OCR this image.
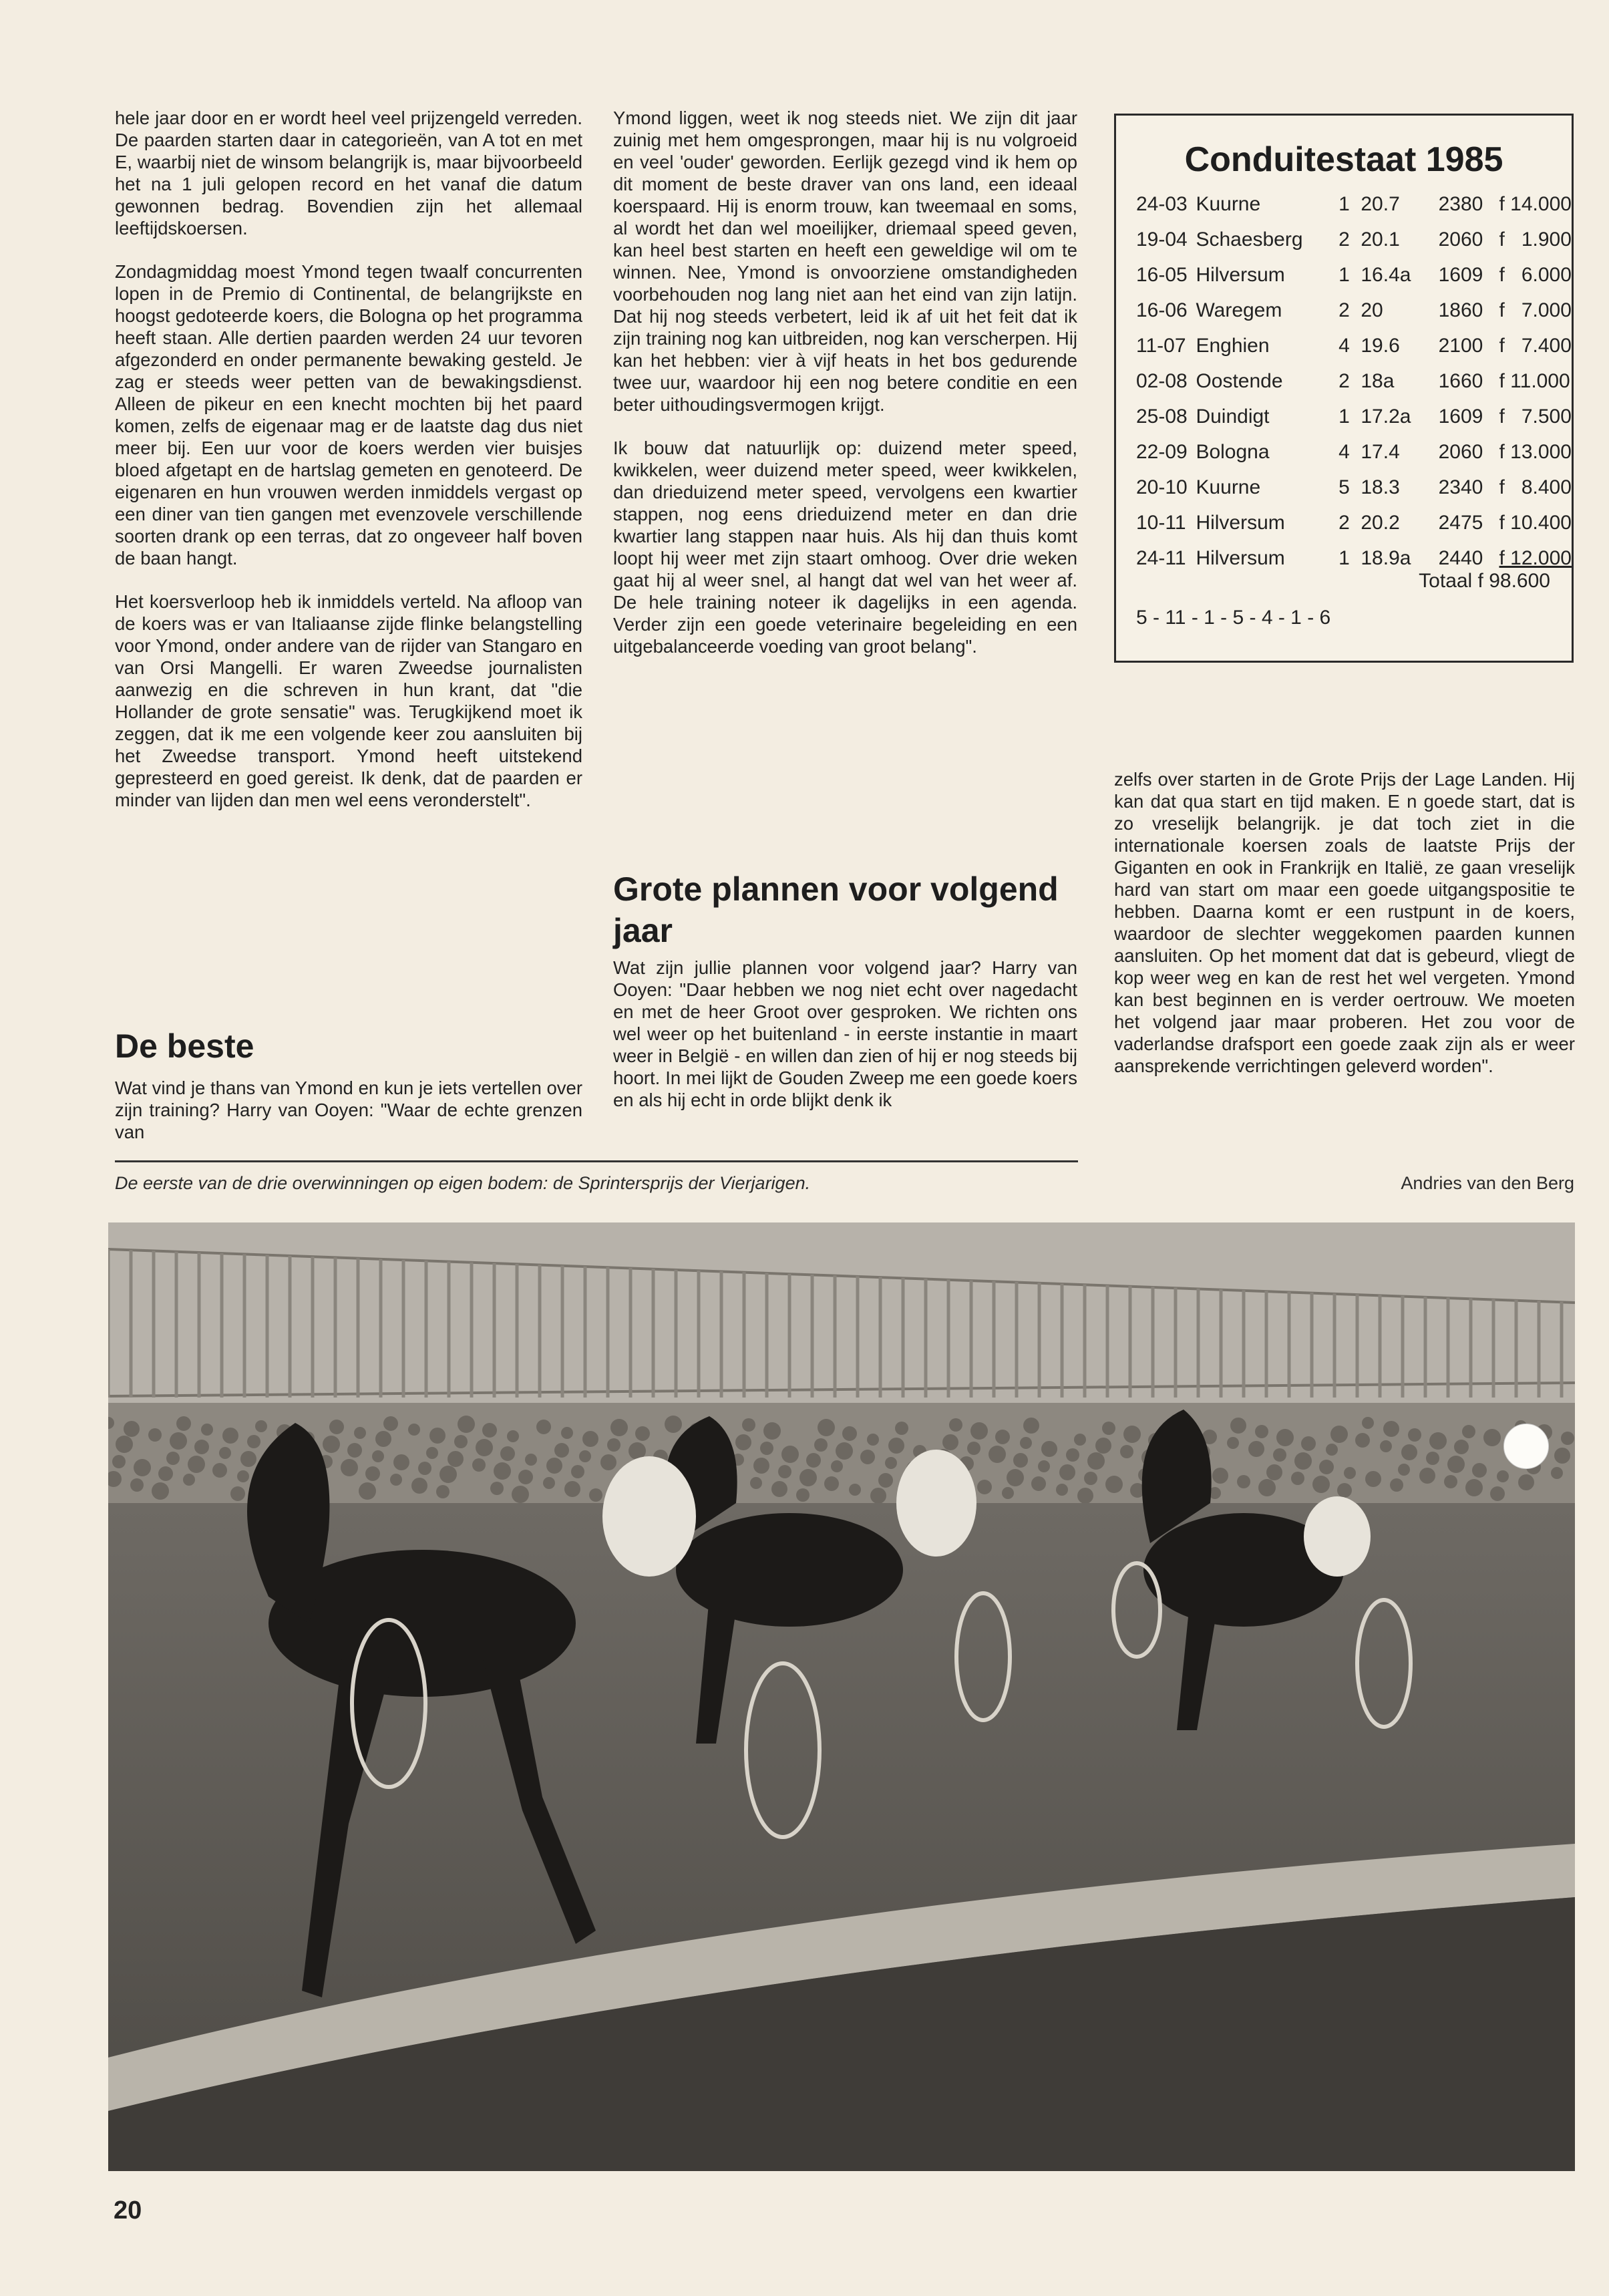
hele jaar door en er wordt heel veel prijzengeld verreden. De paarden starten daar in categorieën, van A tot en met E, waarbij niet de winsom belangrijk is, maar bijvoorbeeld het na 1 juli gelopen record en het vanaf die datum gewonnen bedrag. Bovendien zijn het allemaal leeftijdskoersen.

Zondagmiddag moest Ymond tegen twaalf concurrenten lopen in de Premio di Continental, de belangrijkste en hoogst gedoteerde koers, die Bologna op het programma heeft staan. Alle dertien paarden werden 24 uur tevoren afgezonderd en onder permanente bewaking gesteld. Je zag er steeds weer petten van de bewakingsdienst. Alleen de pikeur en een knecht mochten bij het paard komen, zelfs de eigenaar mag er de laatste dag dus niet meer bij. Een uur voor de koers werden vier buisjes bloed afgetapt en de hartslag gemeten en genoteerd. De eigenaren en hun vrouwen werden inmiddels vergast op een diner van tien gangen met evenzovele verschillende soorten drank op een terras, dat zo ongeveer half boven de baan hangt.

Het koersverloop heb ik inmiddels verteld. Na afloop van de koers was er van Italiaanse zijde flinke belangstelling voor Ymond, onder andere van de rijder van Stangaro en van Orsi Mangelli. Er waren Zweedse journalisten aanwezig en die schreven in hun krant, dat "die Hollander de grote sensatie" was. Terugkijkend moet ik zeggen, dat ik me een volgende keer zou aansluiten bij het Zweedse transport. Ymond heeft uitstekend gepresteerd en goed gereist. Ik denk, dat de paarden er minder van lijden dan men wel eens veronderstelt".

De beste
Wat vind je thans van Ymond en kun je iets vertellen over zijn training? Harry van Ooyen: "Waar de echte grenzen van

Ymond liggen, weet ik nog steeds niet. We zijn dit jaar zuinig met hem omgesprongen, maar hij is nu volgroeid en veel 'ouder' geworden. Eerlijk gezegd vind ik hem op dit moment de beste draver van ons land, een ideaal koerspaard. Hij is enorm trouw, kan tweemaal en soms, al wordt het dan wel moeilijker, driemaal speed geven, kan heel best starten en heeft een geweldige wil om te winnen. Nee, Ymond is onvoorziene omstandigheden voorbehouden nog lang niet aan het eind van zijn latijn. Dat hij nog steeds verbetert, leid ik af uit het feit dat ik zijn training nog kan uitbreiden, nog kan verscherpen. Hij kan het hebben: vier à vijf heats in het bos gedurende twee uur, waardoor hij een nog betere conditie en een beter uithoudingsvermogen krijgt.

Ik bouw dat natuurlijk op: duizend meter speed, kwikkelen, weer duizend meter speed, weer kwikkelen, dan drieduizend meter speed, vervolgens een kwartier stappen, nog eens drieduizend meter en dan drie kwartier lang stappen naar huis. Als hij dan thuis komt loopt hij weer met zijn staart omhoog. Over drie weken gaat hij al weer snel, al hangt dat wel van het weer af. De hele training noteer ik dagelijks in een agenda. Verder zijn een goede veterinaire begeleiding en een uitgebalanceerde voeding van groot belang".

Grote plannen voor volgend jaar
Wat zijn jullie plannen voor volgend jaar? Harry van Ooyen: "Daar hebben we nog niet echt over nagedacht en met de heer Groot over gesproken. We richten ons wel weer op het buitenland - in eerste instantie in maart weer in België - en willen dan zien of hij er nog steeds bij hoort. In mei lijkt de Gouden Zweep me een goede koers en als hij echt in orde blijkt denk ik
Conduitestaat 1985
24-03	Kuurne	1	20.7	2380	f 14.000
19-04	Schaesberg	2	20.1	2060	f   1.900
16-05	Hilversum	1	16.4a	1609	f   6.000
16-06	Waregem	2	20	1860	f   7.000
11-07	Enghien	4	19.6	2100	f   7.400
02-08	Oostende	2	18a	1660	f 11.000
25-08	Duindigt	1	17.2a	1609	f   7.500
22-09	Bologna	4	17.4	2060	f 13.000
20-10	Kuurne	5	18.3	2340	f   8.400
10-11	Hilversum	2	20.2	2475	f 10.400
24-11	Hilversum	1	18.9a	2440	f 12.000
Totaal f 98.600
5 - 11 - 1 - 5 - 4 - 1 - 6

zelfs over starten in de Grote Prijs der Lage Landen. Hij kan dat qua start en tijd maken. E n goede start, dat is zo vreselijk belangrijk. je dat toch ziet in die internationale koersen zoals de laatste Prijs der Giganten en ook in Frankrijk en Italië, ze gaan vreselijk hard van start om maar een goede uitgangspositie te hebben. Daarna komt er een rustpunt in de koers, waardoor de slechter weggekomen paarden kunnen aansluiten. Op het moment dat dat is gebeurd, vliegt de kop weer weg en kan de rest het wel vergeten. Ymond kan best beginnen en is verder oertrouw. We moeten het volgend jaar maar proberen. Het zou voor de vaderlandse drafsport een goede zaak zijn als er weer aansprekende verrichtingen geleverd worden".

De eerste van de drie overwinningen op eigen bodem: de Sprintersprijs der Vierjarigen.	Andries van den Berg
20
